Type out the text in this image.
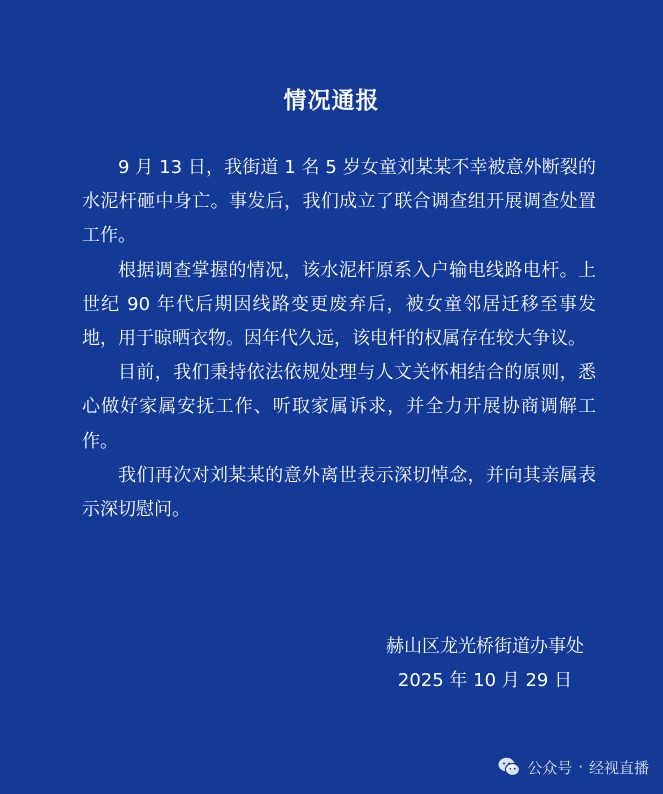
情况通报

9 月 13 日，我街道 1 名 5 岁女童刘某某不幸被意外断裂的水泥杆砸中身亡。事发后，我们成立了联合调查组开展调查处置工作。

根据调查掌握的情况，该水泥杆原系入户输电线路电杆。上世纪 90 年代后期因线路变更废弃后，被女童邻居迁移至事发地，用于晾晒衣物。因年代久远，该电杆的权属存在较大争议。

目前，我们秉持依法依规处理与人文关怀相结合的原则，悉心做好家属安抚工作、听取家属诉求，并全力开展协商调解工作。

我们再次对刘某某的意外离世表示深切悼念，并向其亲属表示深切慰问。

赫山区龙光桥街道办事处
2025 年 10 月 29 日
公众号 · 经视直播
